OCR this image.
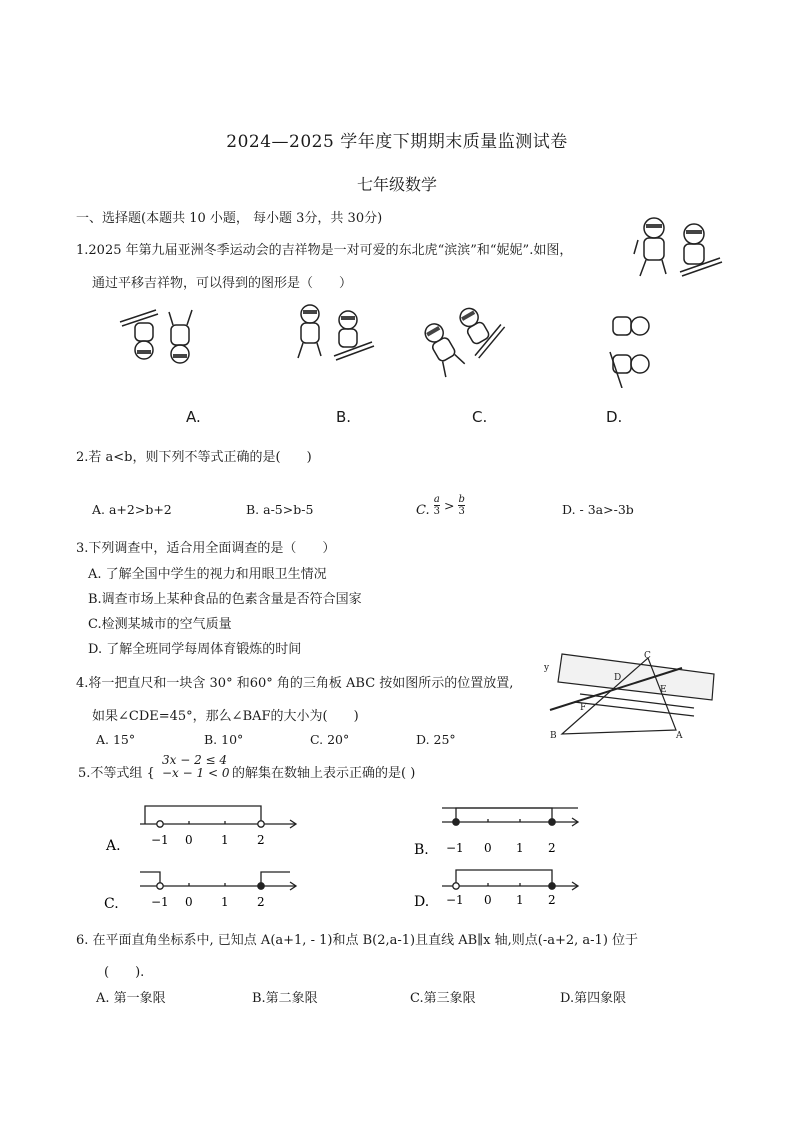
2024—2025 学年度下期期末质量监测试卷
七年级数学
一、选择题(本题共 10 小题， 每小题 3分，共 30分)
1.2025 年第九届亚洲冬季运动会的吉祥物是一对可爱的东北虎“滨滨”和“妮妮”.如图，
通过平移吉祥物，可以得到的图形是（　　）
A.	B.	C.	D.
2.若 a<b，则下列不等式正确的是(　　)
A. a+2>b+2	B. a-5>b-5	C. $\frac{a}{3} > \frac{b}{3}$	D. - 3a>-3b
3.下列调查中，适合用全面调查的是（　　）
A. 了解全国中学生的视力和用眼卫生情况
B.调查市场上某种食品的色素含量是否符合国家
C.检测某城市的空气质量
D. 了解全班同学每周体育锻炼的时间
4.将一把直尺和一块含 30° 和60° 角的三角板 ABC 按如图所示的位置放置,
如果∠CDE=45°，那么∠BAF的大小为(　　)
A. 15°	B. 10°	C. 20°	D. 25°
C
D
E
F
B	A
y
5.不等式组 {
3x − 2 ≤ 4
−x − 1 < 0 的解集在数轴上表示正确的是( )
A.	−1 0 1 2
B. −1 0 1 2
C.	−1 0 1 2	D. −1 0 1 2
6. 在平面直角坐标系中, 已知点 A(a+1, - 1)和点 B(2,a-1)且直线 AB∥x 轴,则点(-a+2, a-1) 位于
(　　).
A. 第一象限	B.第二象限	C.第三象限	D.第四象限
